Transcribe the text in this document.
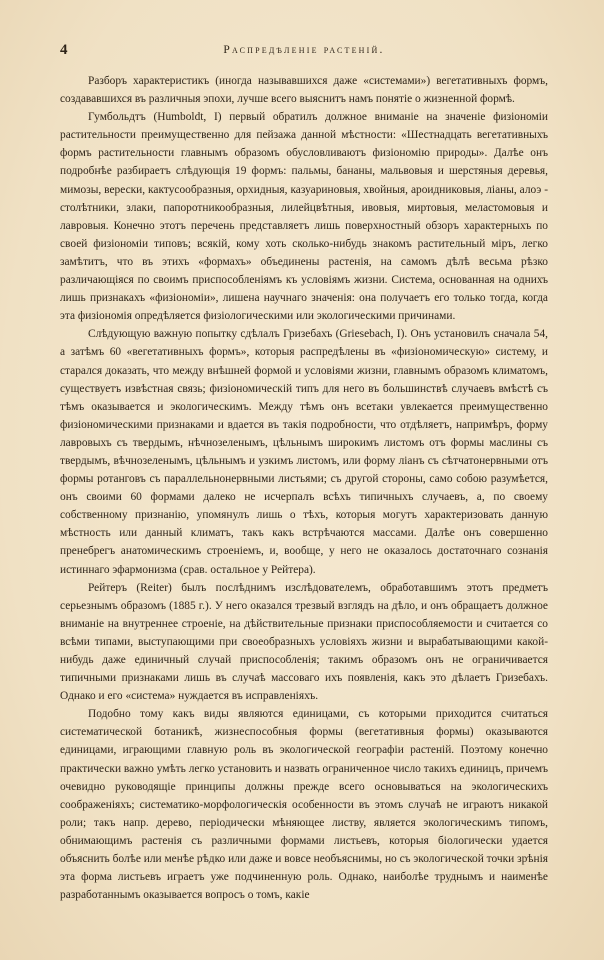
4	Распредѣленіе растеній.

Разборъ характеристикъ (иногда называвшихся даже «системами») вегетативныхъ формъ, создававшихся въ различныя эпохи, лучше всего выяснитъ намъ понятіе о жизненной формѣ.

Гумбольдтъ (Humboldt, I) первый обратилъ должное вниманіе на значеніе физіономіи растительности преимущественно для пейзажа данной мѣстности: «Шестнадцать вегетативныхъ формъ растительности главнымъ образомъ обусловливаютъ физіономію природы». Далѣе онъ подробнѣе разбираетъ слѣдующія 19 формъ: пальмы, бананы, мальвовыя и шерстяныя деревья, мимозы, верески, кактусообразныя, орхидныя, казуариновыя, хвойныя, ароидниковыя, ліаны, алоэ - столѣтники, злаки, папоротникообразныя, лилейцвѣтныя, ивовыя, миртовыя, меластомовыя и лавровыя. Конечно этотъ перечень представляетъ лишь поверхностный обзоръ характерныхъ по своей физіономіи типовъ; всякій, кому хоть сколько-нибудь знакомъ растительный міръ, легко замѣтитъ, что въ этихъ «формахъ» объединены растенія, на самомъ дѣлѣ весьма рѣзко различающіяся по своимъ приспособленіямъ къ условіямъ жизни. Система, основанная на однихъ лишь признакахъ «физіономіи», лишена научнаго значенія: она получаетъ его только тогда, когда эта физіономія опредѣляется физіологическими или экологическими причинами.

Слѣдующую важную попытку сдѣлалъ Гризебахъ (Griesebach, I). Онъ установилъ сначала 54, а затѣмъ 60 «вегетативныхъ формъ», которыя распредѣлены въ «физіономическую» систему, и старался доказать, что между внѣшней формой и условіями жизни, главнымъ образомъ климатомъ, существуетъ извѣстная связь; физіономическій типъ для него въ большинствѣ случаевъ вмѣстѣ съ тѣмъ оказывается и экологическимъ. Между тѣмъ онъ всетаки увлекается преимущественно физіономическими признаками и вдается въ такія подробности, что отдѣляетъ, напримѣръ, форму лавровыхъ съ твердымъ, нѣчнозеленымъ, цѣльнымъ широкимъ листомъ отъ формы маслины съ твердымъ, вѣчнозеленымъ, цѣльнымъ и узкимъ листомъ, или форму ліанъ съ сѣтчатонервными отъ формы ротанговъ съ параллельнонервными листьями; съ другой стороны, само собою разумѣется, онъ своими 60 формами далеко не исчерпалъ всѣхъ типичныхъ случаевъ, а, по своему собственному признанію, упомянулъ лишь о тѣхъ, которыя могутъ характеризовать данную мѣстность или данный климатъ, такъ какъ встрѣчаются массами. Далѣе онъ совершенно пренебрегъ анатомическимъ строеніемъ, и, вообще, у него не оказалось достаточнаго сознанія истиннаго эфармонизма (срав. остальное у Рейтера).

Рейтеръ (Reiter) былъ послѣднимъ изслѣдователемъ, обработавшимъ этотъ предметъ серьезнымъ образомъ (1885 г.). У него оказался трезвый взглядъ на дѣло, и онъ обращаетъ должное вниманіе на внутреннее строеніе, на дѣйствительные признаки приспособляемости и считается со всѣми типами, выступающими при своеобразныхъ условіяхъ жизни и вырабатывающими какой-нибудь даже единичный случай приспособленія; такимъ образомъ онъ не ограничивается типичными признаками лишь въ случаѣ массоваго ихъ появленія, какъ это дѣлаетъ Гризебахъ. Однако и его «система» нуждается въ исправленіяхъ.

Подобно тому какъ виды являются единицами, съ которыми приходится считаться систематической ботаникѣ, жизнеспособныя формы (вегетативныя формы) оказываются единицами, играющими главную роль въ экологической географіи растеній. Поэтому конечно практически важно умѣть легко установить и назвать ограниченное число такихъ единицъ, причемъ очевидно руководящіе принципы должны прежде всего основываться на экологическихъ соображеніяхъ; систематико-морфологическія особенности въ этомъ случаѣ не играютъ никакой роли; такъ напр. дерево, періодически мѣняющее листву, является экологическимъ типомъ, обнимающимъ растенія съ различными формами листьевъ, которыя біологически удается объяснить болѣе или менѣе рѣдко или даже и вовсе необъяснимы, но съ экологической точки зрѣнія эта форма листьевъ играетъ уже подчиненную роль. Однако, наиболѣе труднымъ и наименѣе разработаннымъ оказывается вопросъ о томъ, какіе
